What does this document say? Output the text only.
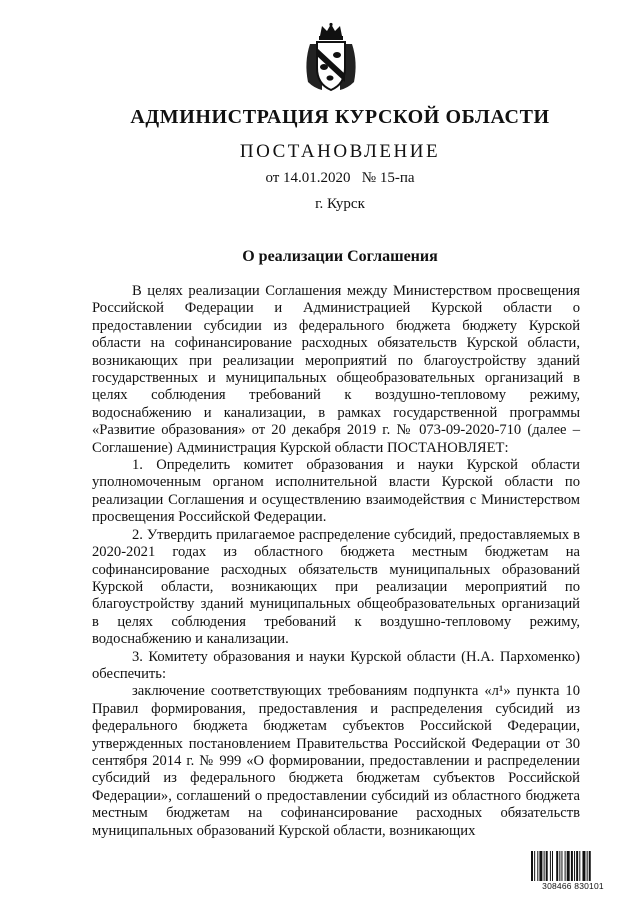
АДМИНИСТРАЦИЯ КУРСКОЙ ОБЛАСТИ
ПОСТАНОВЛЕНИЕ
от 14.01.2020   № 15-па
г. Курск
О реализации Соглашения

В целях реализации Соглашения между Министерством просвещения Российской Федерации и Администрацией Курской области о предоставлении субсидии из федерального бюджета бюджету Курской области на софинансирование расходных обязательств Курской области, возникающих при реализации мероприятий по благоустройству зданий государственных и муниципальных общеобразовательных организаций в целях соблюдения требований к воздушно-тепловому режиму, водоснабжению и канализации, в рамках государственной программы «Развитие образования» от 20 декабря 2019 г. № 073-09-2020-710 (далее – Соглашение) Администрация Курской области ПОСТАНОВЛЯЕТ:

1. Определить комитет образования и науки Курской области уполномоченным органом исполнительной власти Курской области по реализации Соглашения и осуществлению взаимодействия с Министерством просвещения Российской Федерации.

2. Утвердить прилагаемое распределение субсидий, предоставляемых в 2020-2021 годах из областного бюджета местным бюджетам на софинансирование расходных обязательств муниципальных образований Курской области, возникающих при реализации мероприятий по благоустройству зданий муниципальных общеобразовательных организаций в целях соблюдения требований к воздушно-тепловому режиму, водоснабжению и канализации.

3. Комитету образования и науки Курской области (Н.А. Пархоменко) обеспечить:

заключение соответствующих требованиям подпункта «л¹» пункта 10 Правил формирования, предоставления и распределения субсидий из федерального бюджета бюджетам субъектов Российской Федерации, утвержденных постановлением Правительства Российской Федерации от 30 сентября 2014 г. № 999 «О формировании, предоставлении и распределении субсидий из федерального бюджета бюджетам субъектов Российской Федерации», соглашений о предоставлении субсидий из областного бюджета местным бюджетам на софинансирование расходных обязательств муниципальных образований Курской области, возникающих

308466 830101
